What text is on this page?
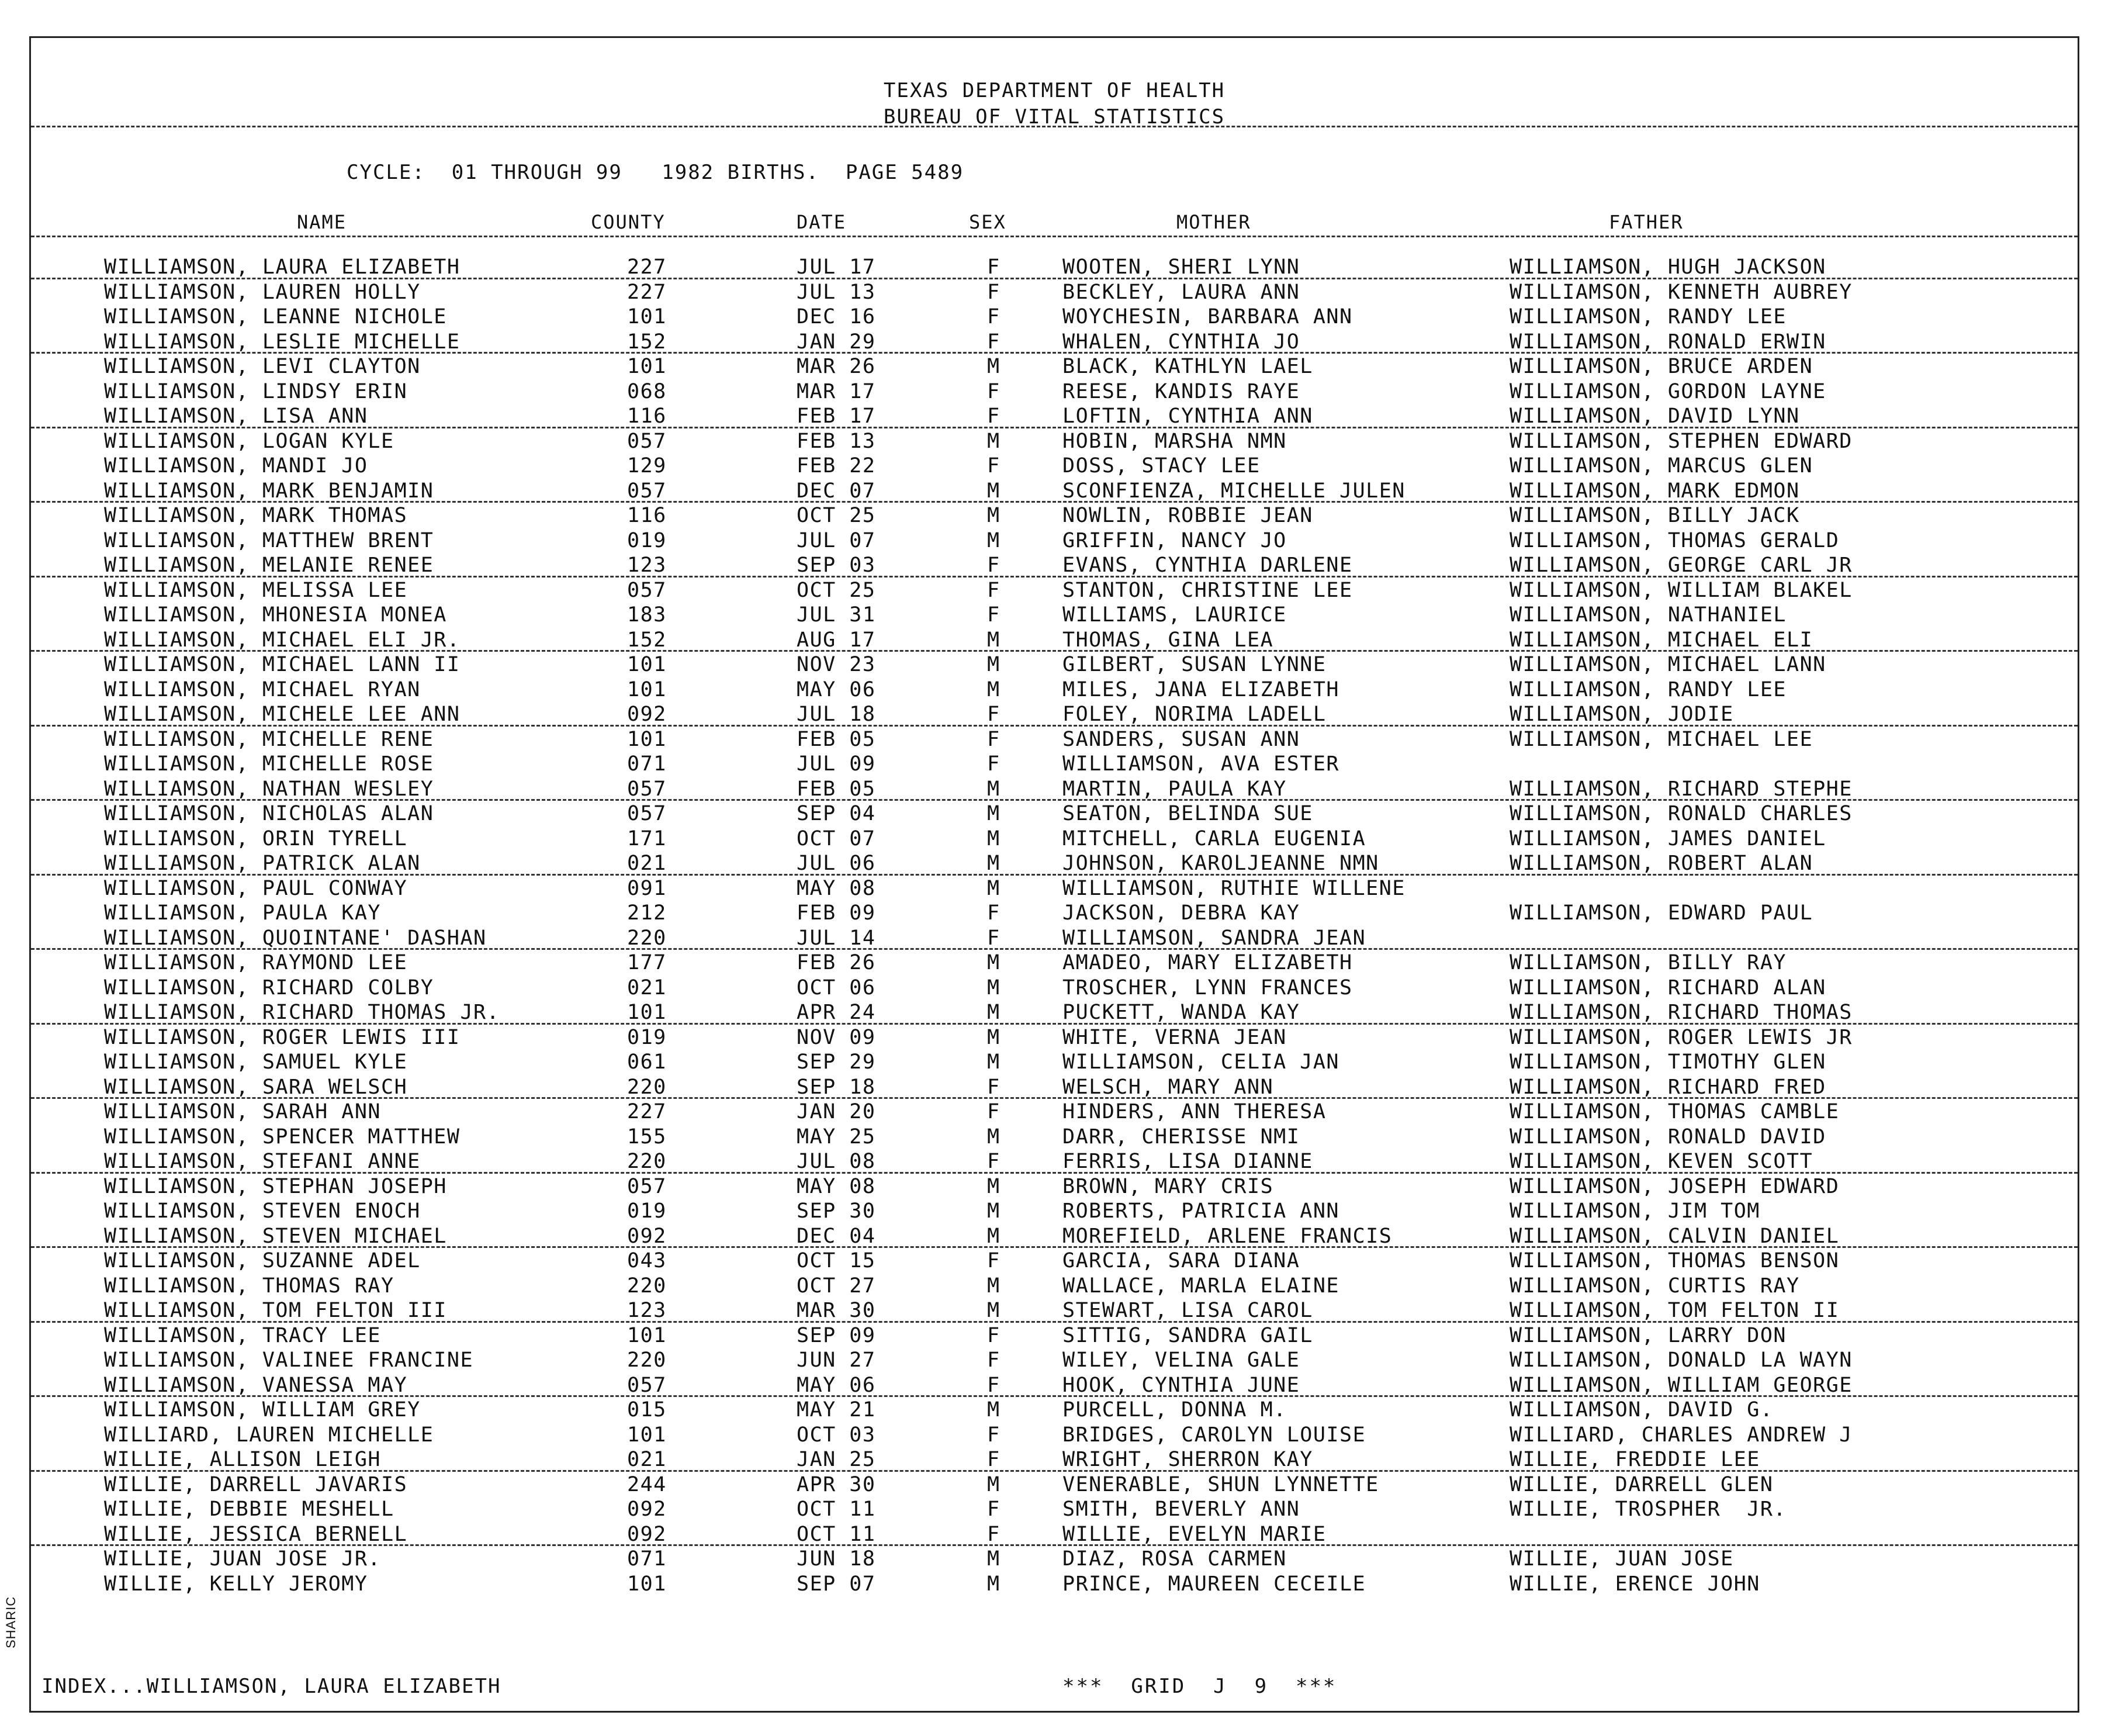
TEXAS DEPARTMENT OF HEALTH
BUREAU OF VITAL STATISTICS
CYCLE:  01 THROUGH 99   1982 BIRTHS.  PAGE 5489
NAME	COUNTY	DATE	SEX	MOTHER	FATHER
WILLIAMSON, LAURA ELIZABETH	227	JUL 17	F	WOOTEN, SHERI LYNN	WILLIAMSON, HUGH JACKSON
WILLIAMSON, LAUREN HOLLY	227	JUL 13	F	BECKLEY, LAURA ANN	WILLIAMSON, KENNETH AUBREY
WILLIAMSON, LEANNE NICHOLE	101	DEC 16	F	WOYCHESIN, BARBARA ANN	WILLIAMSON, RANDY LEE
WILLIAMSON, LESLIE MICHELLE	152	JAN 29	F	WHALEN, CYNTHIA JO	WILLIAMSON, RONALD ERWIN
WILLIAMSON, LEVI CLAYTON	101	MAR 26	M	BLACK, KATHLYN LAEL	WILLIAMSON, BRUCE ARDEN
WILLIAMSON, LINDSY ERIN	068	MAR 17	F	REESE, KANDIS RAYE	WILLIAMSON, GORDON LAYNE
WILLIAMSON, LISA ANN	116	FEB 17	F	LOFTIN, CYNTHIA ANN	WILLIAMSON, DAVID LYNN
WILLIAMSON, LOGAN KYLE	057	FEB 13	M	HOBIN, MARSHA NMN	WILLIAMSON, STEPHEN EDWARD
WILLIAMSON, MANDI JO	129	FEB 22	F	DOSS, STACY LEE	WILLIAMSON, MARCUS GLEN
WILLIAMSON, MARK BENJAMIN	057	DEC 07	M	SCONFIENZA, MICHELLE JULEN	WILLIAMSON, MARK EDMON
WILLIAMSON, MARK THOMAS	116	OCT 25	M	NOWLIN, ROBBIE JEAN	WILLIAMSON, BILLY JACK
WILLIAMSON, MATTHEW BRENT	019	JUL 07	M	GRIFFIN, NANCY JO	WILLIAMSON, THOMAS GERALD
WILLIAMSON, MELANIE RENEE	123	SEP 03	F	EVANS, CYNTHIA DARLENE	WILLIAMSON, GEORGE CARL JR
WILLIAMSON, MELISSA LEE	057	OCT 25	F	STANTON, CHRISTINE LEE	WILLIAMSON, WILLIAM BLAKEL
WILLIAMSON, MHONESIA MONEA	183	JUL 31	F	WILLIAMS, LAURICE	WILLIAMSON, NATHANIEL
WILLIAMSON, MICHAEL ELI JR.	152	AUG 17	M	THOMAS, GINA LEA	WILLIAMSON, MICHAEL ELI
WILLIAMSON, MICHAEL LANN II	101	NOV 23	M	GILBERT, SUSAN LYNNE	WILLIAMSON, MICHAEL LANN
WILLIAMSON, MICHAEL RYAN	101	MAY 06	M	MILES, JANA ELIZABETH	WILLIAMSON, RANDY LEE
WILLIAMSON, MICHELE LEE ANN	092	JUL 18	F	FOLEY, NORIMA LADELL	WILLIAMSON, JODIE
WILLIAMSON, MICHELLE RENE	101	FEB 05	F	SANDERS, SUSAN ANN	WILLIAMSON, MICHAEL LEE
WILLIAMSON, MICHELLE ROSE	071	JUL 09	F	WILLIAMSON, AVA ESTER
WILLIAMSON, NATHAN WESLEY	057	FEB 05	M	MARTIN, PAULA KAY	WILLIAMSON, RICHARD STEPHE
WILLIAMSON, NICHOLAS ALAN	057	SEP 04	M	SEATON, BELINDA SUE	WILLIAMSON, RONALD CHARLES
WILLIAMSON, ORIN TYRELL	171	OCT 07	M	MITCHELL, CARLA EUGENIA	WILLIAMSON, JAMES DANIEL
WILLIAMSON, PATRICK ALAN	021	JUL 06	M	JOHNSON, KAROLJEANNE NMN	WILLIAMSON, ROBERT ALAN
WILLIAMSON, PAUL CONWAY	091	MAY 08	M	WILLIAMSON, RUTHIE WILLENE
WILLIAMSON, PAULA KAY	212	FEB 09	F	JACKSON, DEBRA KAY	WILLIAMSON, EDWARD PAUL
WILLIAMSON, QUOINTANE' DASHAN	220	JUL 14	F	WILLIAMSON, SANDRA JEAN
WILLIAMSON, RAYMOND LEE	177	FEB 26	M	AMADEO, MARY ELIZABETH	WILLIAMSON, BILLY RAY
WILLIAMSON, RICHARD COLBY	021	OCT 06	M	TROSCHER, LYNN FRANCES	WILLIAMSON, RICHARD ALAN
WILLIAMSON, RICHARD THOMAS JR.	101	APR 24	M	PUCKETT, WANDA KAY	WILLIAMSON, RICHARD THOMAS
WILLIAMSON, ROGER LEWIS III	019	NOV 09	M	WHITE, VERNA JEAN	WILLIAMSON, ROGER LEWIS JR
WILLIAMSON, SAMUEL KYLE	061	SEP 29	M	WILLIAMSON, CELIA JAN	WILLIAMSON, TIMOTHY GLEN
WILLIAMSON, SARA WELSCH	220	SEP 18	F	WELSCH, MARY ANN	WILLIAMSON, RICHARD FRED
WILLIAMSON, SARAH ANN	227	JAN 20	F	HINDERS, ANN THERESA	WILLIAMSON, THOMAS CAMBLE
WILLIAMSON, SPENCER MATTHEW	155	MAY 25	M	DARR, CHERISSE NMI	WILLIAMSON, RONALD DAVID
WILLIAMSON, STEFANI ANNE	220	JUL 08	F	FERRIS, LISA DIANNE	WILLIAMSON, KEVEN SCOTT
WILLIAMSON, STEPHAN JOSEPH	057	MAY 08	M	BROWN, MARY CRIS	WILLIAMSON, JOSEPH EDWARD
WILLIAMSON, STEVEN ENOCH	019	SEP 30	M	ROBERTS, PATRICIA ANN	WILLIAMSON, JIM TOM
WILLIAMSON, STEVEN MICHAEL	092	DEC 04	M	MOREFIELD, ARLENE FRANCIS	WILLIAMSON, CALVIN DANIEL
WILLIAMSON, SUZANNE ADEL	043	OCT 15	F	GARCIA, SARA DIANA	WILLIAMSON, THOMAS BENSON
WILLIAMSON, THOMAS RAY	220	OCT 27	M	WALLACE, MARLA ELAINE	WILLIAMSON, CURTIS RAY
WILLIAMSON, TOM FELTON III	123	MAR 30	M	STEWART, LISA CAROL	WILLIAMSON, TOM FELTON II
WILLIAMSON, TRACY LEE	101	SEP 09	F	SITTIG, SANDRA GAIL	WILLIAMSON, LARRY DON
WILLIAMSON, VALINEE FRANCINE	220	JUN 27	F	WILEY, VELINA GALE	WILLIAMSON, DONALD LA WAYN
WILLIAMSON, VANESSA MAY	057	MAY 06	F	HOOK, CYNTHIA JUNE	WILLIAMSON, WILLIAM GEORGE
WILLIAMSON, WILLIAM GREY	015	MAY 21	M	PURCELL, DONNA M.	WILLIAMSON, DAVID G.
WILLIARD, LAUREN MICHELLE	101	OCT 03	F	BRIDGES, CAROLYN LOUISE	WILLIARD, CHARLES ANDREW J
WILLIE, ALLISON LEIGH	021	JAN 25	F	WRIGHT, SHERRON KAY	WILLIE, FREDDIE LEE
WILLIE, DARRELL JAVARIS	244	APR 30	M	VENERABLE, SHUN LYNNETTE	WILLIE, DARRELL GLEN
WILLIE, DEBBIE MESHELL	092	OCT 11	F	SMITH, BEVERLY ANN	WILLIE, TROSPHER  JR.
WILLIE, JESSICA BERNELL	092	OCT 11	F	WILLIE, EVELYN MARIE
WILLIE, JUAN JOSE JR.	071	JUN 18	M	DIAZ, ROSA CARMEN	WILLIE, JUAN JOSE
WILLIE, KELLY JEROMY	101	SEP 07	M	PRINCE, MAUREEN CECEILE	WILLIE, ERENCE JOHN
INDEX...WILLIAMSON, LAURA ELIZABETH	***  GRID  J  9  ***
SHARIC
